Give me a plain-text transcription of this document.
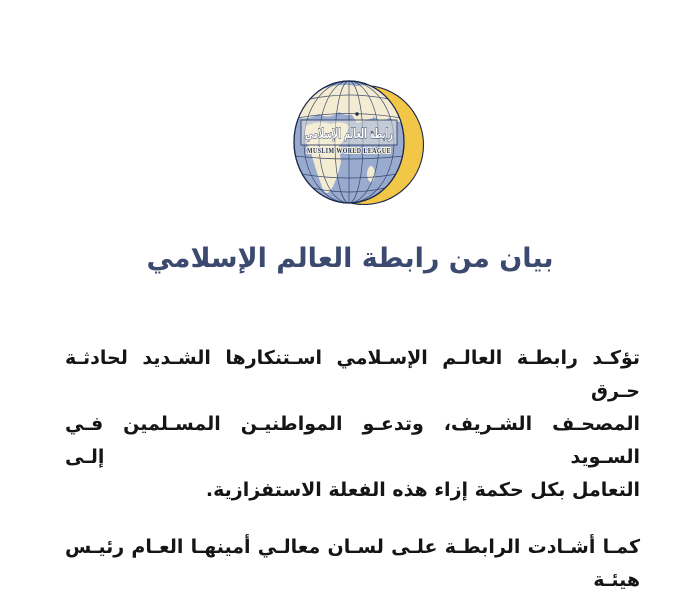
رابطة العالم الإسلامي
MUSLIM WORLD LEAGUE
بيان من رابطة العالم الإسلامي

تؤكـد رابطـة العالـم الإسـلامي اسـتنكارها الشـديد لحادثـة حـرق
المصحـف الشـريف، وتدعـو المواطنيـن المسـلمين فـي السـويد إلـى
التعامل بكل حكمة إزاء هذه الفعلة الاستفزازية.

كمـا أشـادت الرابطـة علـى لسـان معالـي أمينهـا العـام رئيـس هيئـة
